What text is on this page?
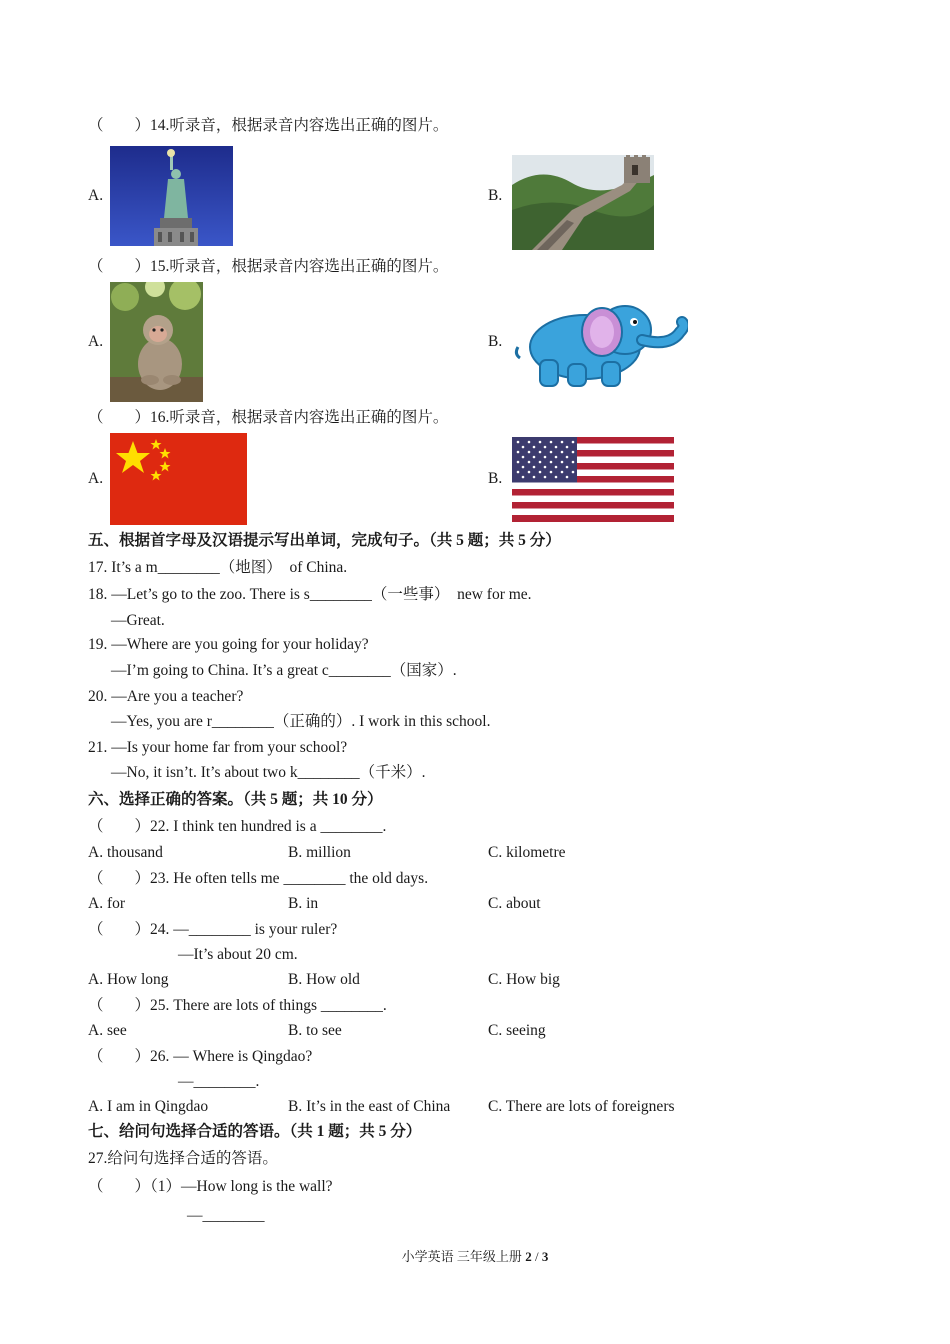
（　　）14.听录音，根据录音内容选出正确的图片。
A.	B.
（　　）15.听录音，根据录音内容选出正确的图片。
A.	B.
（　　）16.听录音，根据录音内容选出正确的图片。
A.	B.
五、根据首字母及汉语提示写出单词，完成句子。（共 5 题；共 5 分）
17. It’s a m________（地图）  of China.
18. —Let’s go to the zoo. There is s________（一些事）  new for me.
—Great.
19. —Where are you going for your holiday?
—I’m going to China. It’s a great c________（国家）.
20. —Are you a teacher?
—Yes, you are r________（正确的）. I work in this school.
21. —Is your home far from your school?
—No, it isn’t. It’s about two k________（千米）.
六、选择正确的答案。（共 5 题；共 10 分）
（　　）22. I think ten hundred is a ________.
A. thousand	B. million	C. kilometre
（　　）23. He often tells me ________ the old days.
A. for	B. in	C. about
（　　）24. —________ is your ruler?
—It’s about 20 cm.
A. How long	B. How old	C. How big
（　　）25. There are lots of things ________.
A. see	B. to see	C. seeing
（　　）26. — Where is Qingdao?
—________.
A. I am in Qingdao	B. It’s in the east of China C. There are lots of foreigners
七、给问句选择合适的答语。（共 1 题；共 5 分）
27.给问句选择合适的答语。
（　　）（1）—How long is the wall?
—________
小学英语 三年级上册 2 / 3
